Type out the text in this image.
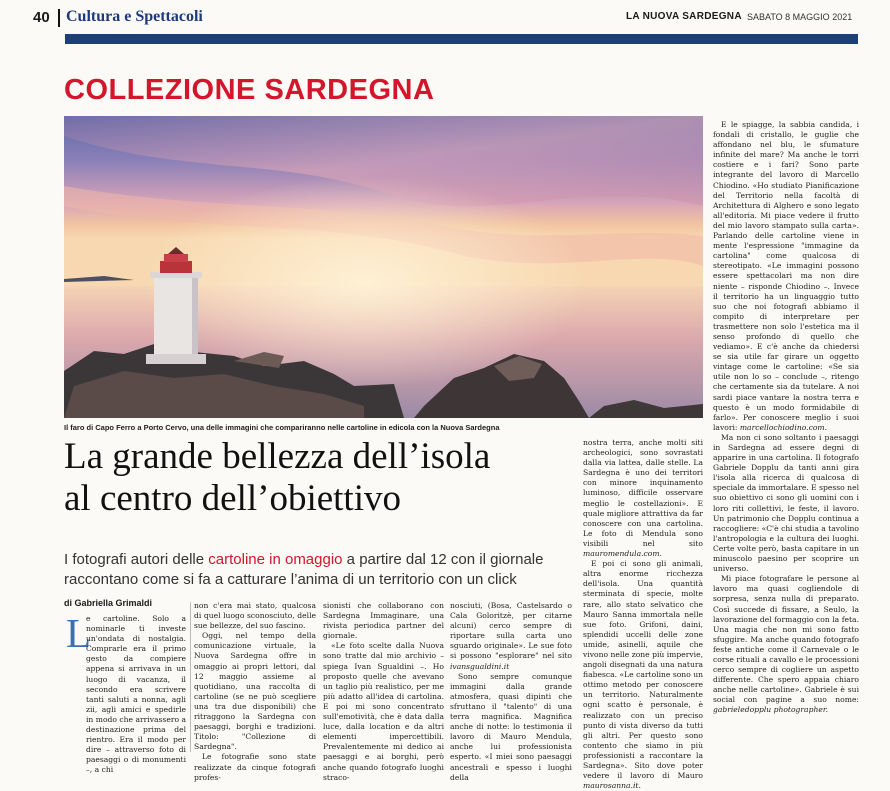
40 Cultura e Spettacoli	LA NUOVA SARDEGNA SABATO 8 MAGGIO 2021
COLLEZIONE SARDEGNA
Il faro di Capo Ferro a Porto Cervo, una delle immagini che compariranno nelle cartoline in edicola con la Nuova Sardegna
La grande bellezza dell’isola
al centro dell’obiettivo
I fotografi autori delle cartoline in omaggio a partire dal 12 con il giornale raccontano come si fa a catturare l’anima di un territorio con un click
di Gabriella Grimaldi
L

e cartoline. Solo a nominarle ti investe un'ondata di nostalgia. Comprarle era il primo gesto da compiere appena si arrivava in un luogo di vacanza, il secondo era scrivere tanti saluti a nonna, agli zii, agli amici e spedirle in modo che arrivassero a destinazione prima del rientro. Era il modo per dire – attraverso foto di paesaggi o di monumenti –, a chi

non c'era mai stato, qualcosa di quel luogo sconosciuto, delle sue bellezze, del suo fascino.

Oggi, nel tempo della comunicazione virtuale, la Nuova Sardegna offre in omaggio ai propri lettori, dal 12 maggio assieme al quotidiano, una raccolta di cartoline (se ne può scegliere una tra due disponibili) che ritraggono la Sardegna con paesaggi, borghi e tradizioni. Titolo: "Collezione di Sardegna".

Le fotografie sono state realizzate da cinque fotografi profes-

sionisti che collaborano con Sardegna Immaginare, una rivista periodica partner del giornale.

«Le foto scelte dalla Nuova sono tratte dal mio archivio – spiega Ivan Sgualdini –. Ho proposto quelle che avevano un taglio più realistico, per me più adatto all'idea di cartolina. E poi mi sono concentrato sull'emotività, che è data dalla luce, dalla location e da altri elementi impercettibili. Prevalentemente mi dedico ai paesaggi e ai borghi, però anche quando fotografo luoghi straco-

nosciuti, (Bosa, Castelsardo o Cala Goloritzè, per citarne alcuni) cerco sempre di riportare sulla carta uno sguardo originale». Le sue foto si possono "esplorare" nel sito ivansgualdini.it

Sono sempre comunque immagini dalla grande atmosfera, quasi dipinti che sfruttano il "talento" di una terra magnifica. Magnifica anche di notte: lo testimonia il lavoro di Mauro Mendula, anche lui professionista esperto. «I miei sono paesaggi ancestrali e spesso i luoghi della

nostra terra, anche molti siti archeologici, sono sovrastati dalla via lattea, dalle stelle. La Sardegna è uno dei territori con minore inquinamento luminoso, difficile osservare meglio le costellazioni». E quale migliore attrattiva da far conoscere con una cartolina. Le foto di Mendula sono visibili nel sito mauromendula.com.

E poi ci sono gli animali, altra enorme ricchezza dell'isola. Una quantità sterminata di specie, molte rare, allo stato selvatico che Mauro Sanna immortala nelle sue foto. Grifoni, daini, splendidi uccelli delle zone umide, asinelli, aquile che vivono nelle zone più impervie, angoli disegnati da una natura fiabesca. «Le cartoline sono un ottimo metodo per conoscere un territorio. Naturalmente ogni scatto è personale, è realizzato con un preciso punto di vista diverso da tutti gli altri. Per questo sono contento che siamo in più professionisti a raccontare la Sardegna». Sito dove poter vedere il lavoro di Mauro maurosanna.it.

E le spiagge, la sabbia candida, i fondali di cristallo, le guglie che affondano nel blu, le sfumature infinite del mare? Ma anche le torri costiere e i fari? Sono parte integrante del lavoro di Marcello Chiodino. «Ho studiato Pianificazione del Territorio nella facoltà di Architettura di Alghero e sono legato all'editoria. Mi piace vedere il frutto del mio lavoro stampato sulla carta». Parlando delle cartoline viene in mente l'espressione "immagine da cartolina" come qualcosa di stereotipato. «Le immagini possono essere spettacolari ma non dire niente – risponde Chiodino –. Invece il territorio ha un linguaggio tutto suo che noi fotografi abbiamo il compito di interpretare per trasmettere non solo l'estetica ma il senso profondo di quello che vediamo». E c'è anche da chiedersi se sia utile far girare un oggetto vintage come le cartoline: «Se sia utile non lo so – conclude –, ritengo che certamente sia da tutelare. A noi sardi piace vantare la nostra terra e questo è un modo formidabile di farlo». Per conoscere meglio i suoi lavori: marcellochiodino.com.

Ma non ci sono soltanto i paesaggi in Sardegna ad essere degni di apparire in una cartolina. Il fotografo Gabriele Dopplu da tanti anni gira l'isola alla ricerca di qualcosa di speciale da immortalare. E spesso nel suo obiettivo ci sono gli uomini con i loro riti collettivi, le feste, il lavoro. Un patrimonio che Dopplu continua a raccogliere: «C'è chi studia a tavolino l'antropologia e la cultura dei luoghi. Certe volte però, basta capitare in un minuscolo paesino per scoprire un universo.

Mi piace fotografare le persone al lavoro ma quasi cogliendole di sorpresa, senza nulla di preparato. Così succede di fissare, a Seulo, la lavorazione del formaggio con la feta. Una magia che non mi sono fatto sfuggire. Ma anche quando fotografo feste antiche come il Carnevale o le corse rituali a cavallo e le processioni cerco sempre di cogliere un aspetto differente. Che spero appaia chiaro anche nelle cartoline». Gabriele è sui social con pagine a suo nome: gabrieledopplu photographer.
